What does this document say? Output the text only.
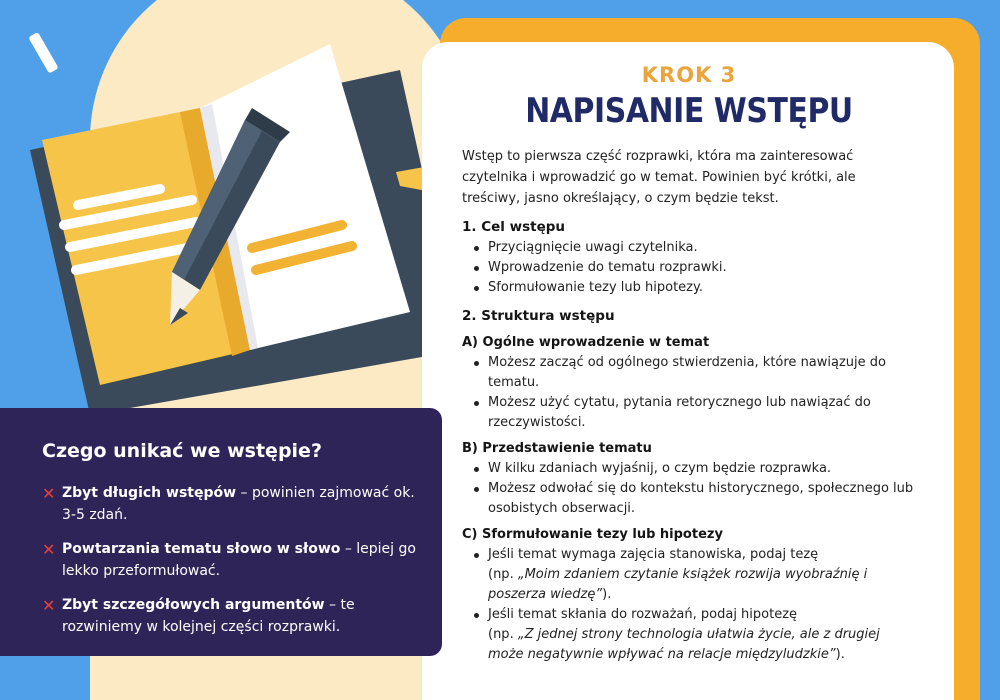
KROK 3
NAPISANIE WSTĘPU

Wstęp to pierwsza część rozprawki, która ma zainteresować czytelnika i wprowadzić go w temat. Powinien być krótki, ale treściwy, jasno określający, o czym będzie tekst.

1. Cel wstępu
Przyciągnięcie uwagi czytelnika.
Wprowadzenie do tematu rozprawki.
Sformułowanie tezy lub hipotezy.
2. Struktura wstępu
A) Ogólne wprowadzenie w temat
Możesz zacząć od ogólnego stwierdzenia, które nawiązuje do tematu.
Możesz użyć cytatu, pytania retorycznego lub nawiązać do rzeczywistości.
B) Przedstawienie tematu
W kilku zdaniach wyjaśnij, o czym będzie rozprawka.
Możesz odwołać się do kontekstu historycznego, społecznego lub osobistych obserwacji.
C) Sformułowanie tezy lub hipotezy
Jeśli temat wymaga zajęcia stanowiska, podaj tezę
(np. „Moim zdaniem czytanie książek rozwija wyobraźnię i poszerza wiedzę”).
Jeśli temat skłania do rozważań, podaj hipotezę
(np. „Z jednej strony technologia ułatwia życie, ale z drugiej może negatywnie wpływać na relacje międzyludzkie”).
Czego unikać we wstępie?
✕ Zbyt długich wstępów – powinien zajmować ok. 3-5 zdań.
✕ Powtarzania tematu słowo w słowo – lepiej go lekko przeformułować.
✕ Zbyt szczegółowych argumentów – te rozwiniemy w kolejnej części rozprawki.
